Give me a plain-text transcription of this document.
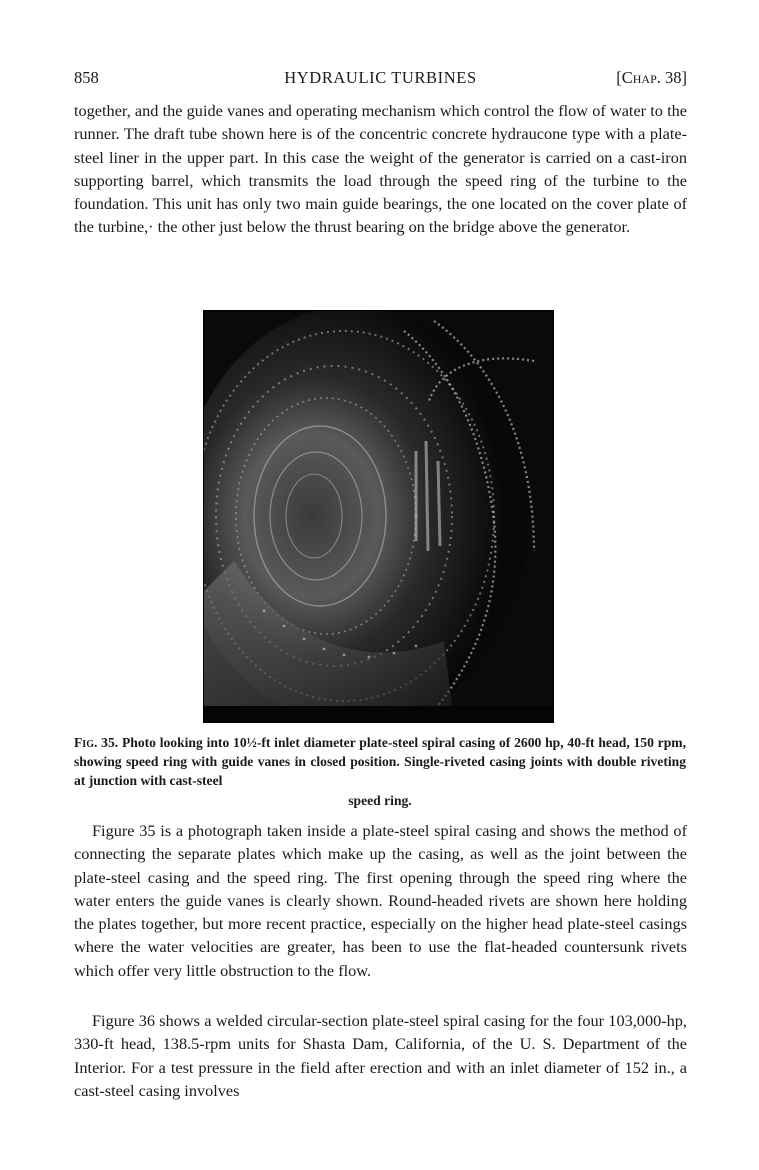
858	HYDRAULIC TURBINES	[Chap. 38]

together, and the guide vanes and operating mechanism which control the flow of water to the runner. The draft tube shown here is of the concentric concrete hydraucone type with a plate-steel liner in the upper part. In this case the weight of the generator is carried on a cast-iron supporting barrel, which transmits the load through the speed ring of the turbine to the foundation. This unit has only two main guide bearings, the one located on the cover plate of the turbine,· the other just below the thrust bearing on the bridge above the generator.

Fig. 35. Photo looking into 10½-ft inlet diameter plate-steel spiral casing of 2600 hp, 40-ft head, 150 rpm, showing speed ring with guide vanes in closed position. Single-riveted casing joints with double riveting at junction with cast-steel
speed ring.

Figure 35 is a photograph taken inside a plate-steel spiral casing and shows the method of connecting the separate plates which make up the casing, as well as the joint between the plate-steel casing and the speed ring. The first opening through the speed ring where the water enters the guide vanes is clearly shown. Round-headed rivets are shown here holding the plates together, but more recent practice, especially on the higher head plate-steel casings where the water velocities are greater, has been to use the flat-headed countersunk rivets which offer very little obstruction to the flow.

Figure 36 shows a welded circular-section plate-steel spiral casing for the four 103,000-hp, 330-ft head, 138.5-rpm units for Shasta Dam, California, of the U. S. Department of the Interior. For a test pressure in the field after erection and with an inlet diameter of 152 in., a cast-steel casing involves
